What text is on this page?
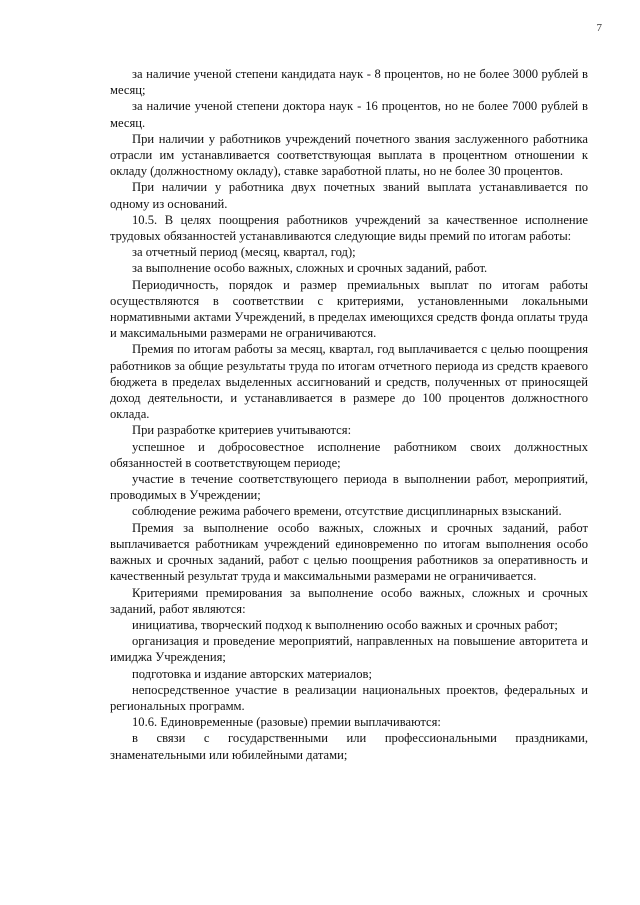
7

за наличие ученой степени кандидата наук - 8 процентов, но не более 3000 рублей в месяц;

за наличие ученой степени доктора наук - 16 процентов, но не более 7000 рублей в месяц.

При наличии у работников учреждений почетного звания заслуженного работника отрасли им устанавливается соответствующая выплата в процентном отношении к окладу (должностному окладу), ставке заработной платы, но не более 30 процентов.

При наличии у работника двух почетных званий выплата устанавливается по одному из оснований.

10.5. В целях поощрения работников учреждений за качественное исполнение трудовых обязанностей устанавливаются следующие виды премий по итогам работы:

за отчетный период (месяц, квартал, год);

за выполнение особо важных, сложных и срочных заданий, работ.

Периодичность, порядок и размер премиальных выплат по итогам работы осуществляются в соответствии с критериями, установленными локальными нормативными актами Учреждений, в пределах имеющихся средств фонда оплаты труда и максимальными размерами не ограничиваются.

Премия по итогам работы за месяц, квартал, год выплачивается с целью поощрения работников за общие результаты труда по итогам отчетного периода из средств краевого бюджета в пределах выделенных ассигнований и средств, полученных от приносящей доход деятельности, и устанавливается в размере до 100 процентов должностного оклада.

При разработке критериев учитываются:

успешное и добросовестное исполнение работником своих должностных обязанностей в соответствующем периоде;

участие в течение соответствующего периода в выполнении работ, мероприятий, проводимых в Учреждении;

соблюдение режима рабочего времени, отсутствие дисциплинарных взысканий.

Премия за выполнение особо важных, сложных и срочных заданий, работ выплачивается работникам учреждений единовременно по итогам выполнения особо важных и срочных заданий, работ с целью поощрения работников за оперативность и качественный результат труда и максимальными размерами не ограничивается.

Критериями премирования за выполнение особо важных, сложных и срочных заданий, работ являются:

инициатива, творческий подход к выполнению особо важных и срочных работ;

организация и проведение мероприятий, направленных на повышение авторитета и имиджа Учреждения;

подготовка и издание авторских материалов;

непосредственное участие в реализации национальных проектов, федеральных и региональных программ.

10.6. Единовременные (разовые) премии выплачиваются:

в связи с государственными или профессиональными праздниками, знаменательными или юбилейными датами;
